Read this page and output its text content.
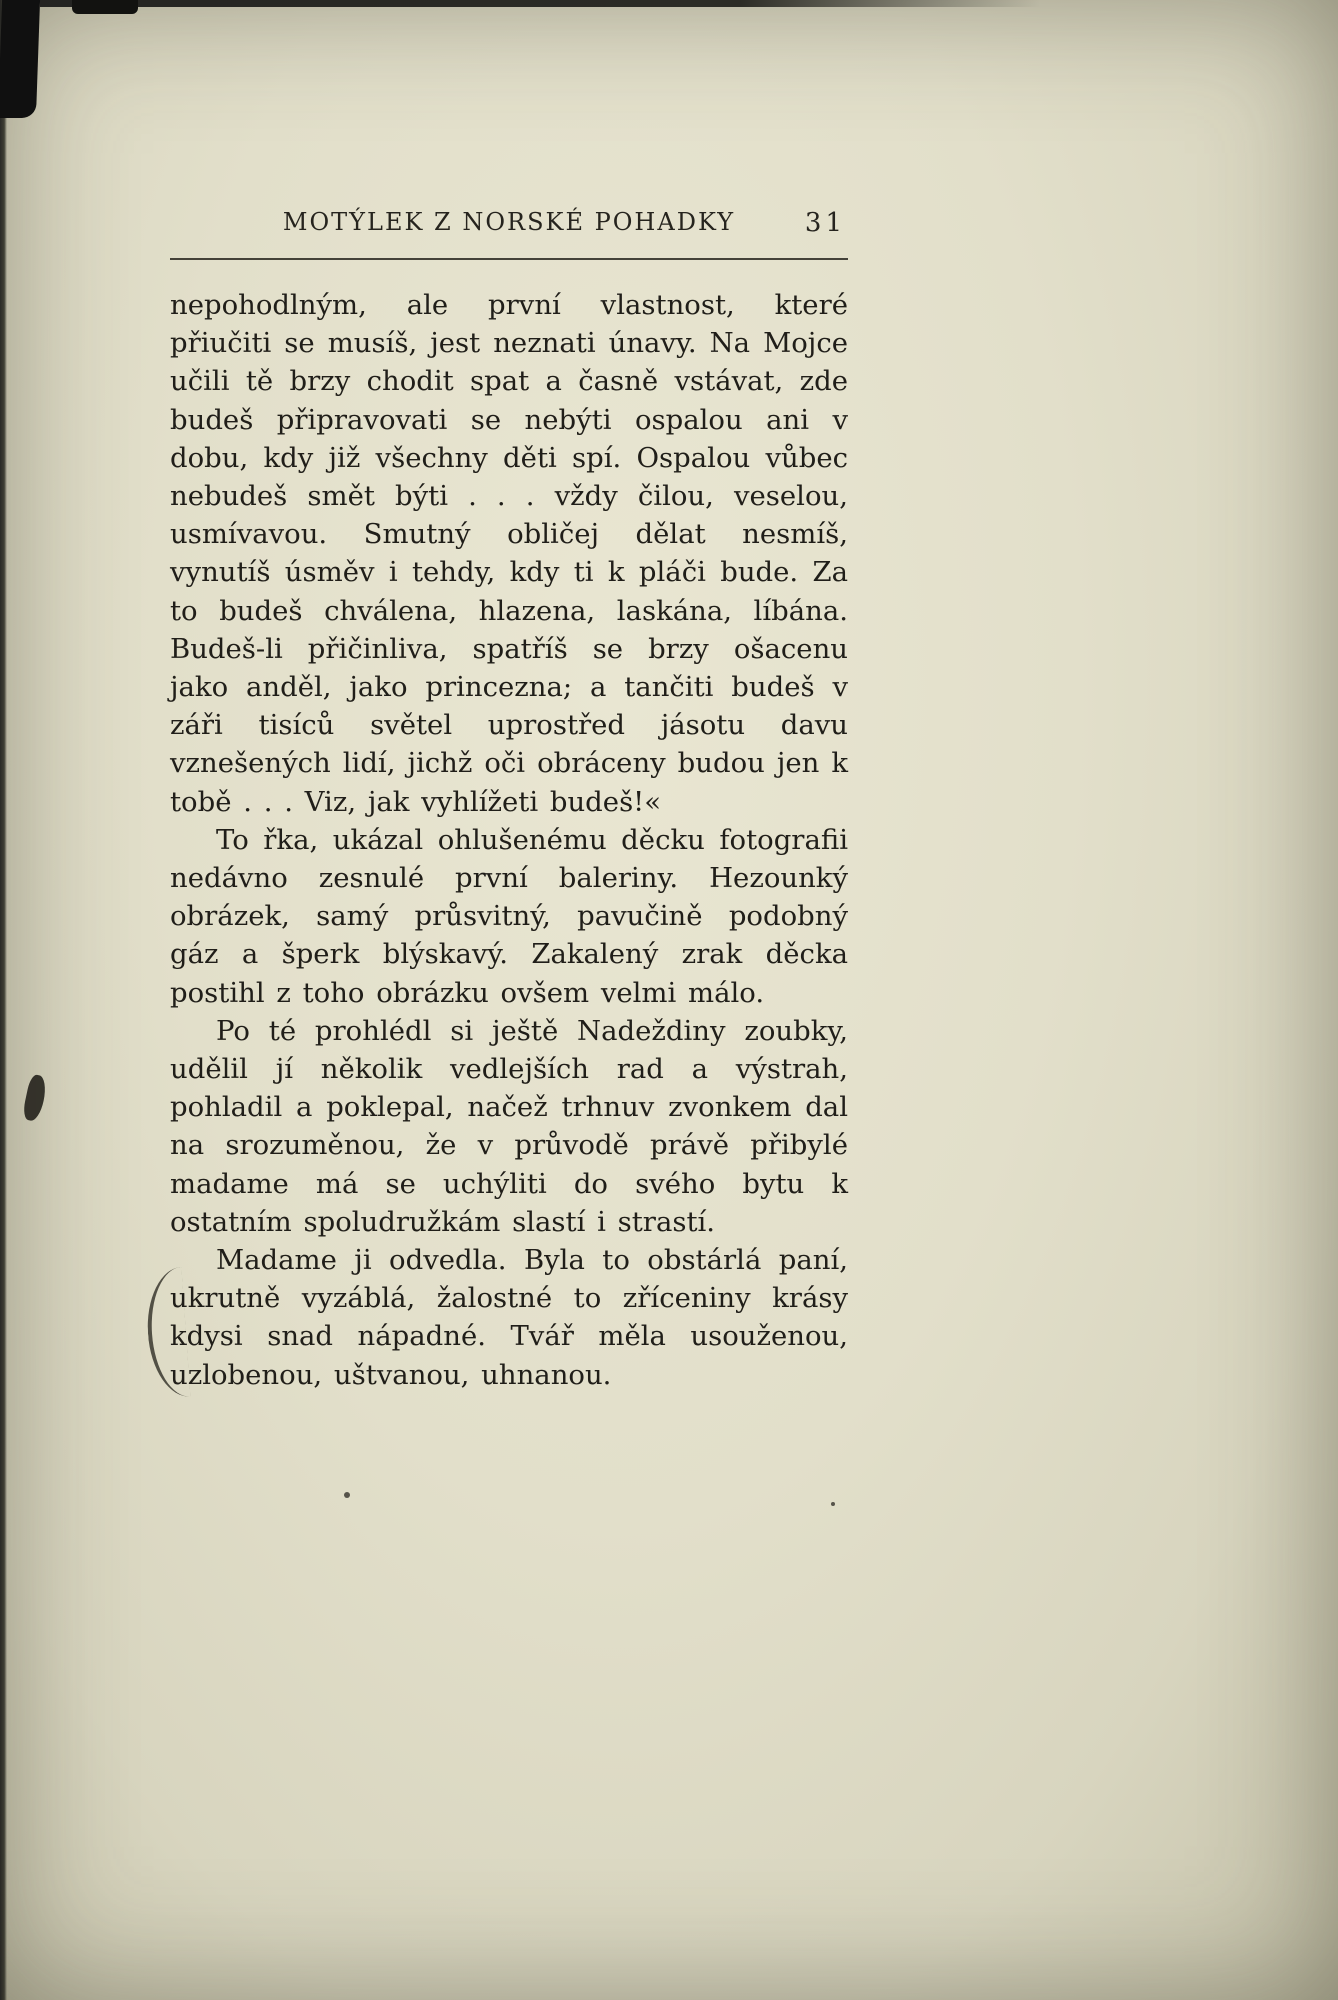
MOTÝLEK Z NORSKÉ POHADKY	31

nepohodlným, ale první vlastnost, které přiučiti se musíš, jest neznati únavy. Na Mojce učili tě brzy chodit spat a časně vstávat, zde budeš připravovati se nebýti ospalou ani v dobu, kdy již všechny děti spí. Ospalou vůbec nebudeš smět býti . . . vždy čilou, veselou, usmívavou. Smutný obličej dělat nesmíš, vynutíš úsměv i tehdy, kdy ti k pláči bude. Za to budeš chválena, hlazena, laskána, líbána. Budeš-li přičinliva, spatříš se brzy ošacenu jako anděl, jako princezna; a tančiti budeš v záři tisíců světel uprostřed jásotu davu vznešených lidí, jichž oči obráceny budou jen k tobě . . . Viz, jak vyhlížeti budeš!«

To řka, ukázal ohlušenému děcku fotografii nedávno zesnulé první baleriny. Hezounký obrázek, samý průsvitný, pavučině podobný gáz a šperk blýskavý. Zakalený zrak děcka postihl z toho obrázku ovšem velmi málo.

Po té prohlédl si ještě Nadeždiny zoubky, udělil jí několik vedlejších rad a výstrah, pohladil a poklepal, načež trhnuv zvonkem dal na srozuměnou, že v průvodě právě přibylé madame má se uchýliti do svého bytu k ostatním spoludružkám slastí i strastí.

Madame ji odvedla. Byla to obstárlá paní, ukrutně vyzáblá, žalostné to zříceniny krásy kdysi snad nápadné. Tvář měla usouženou, uzlobenou, uštvanou, uhnanou.
